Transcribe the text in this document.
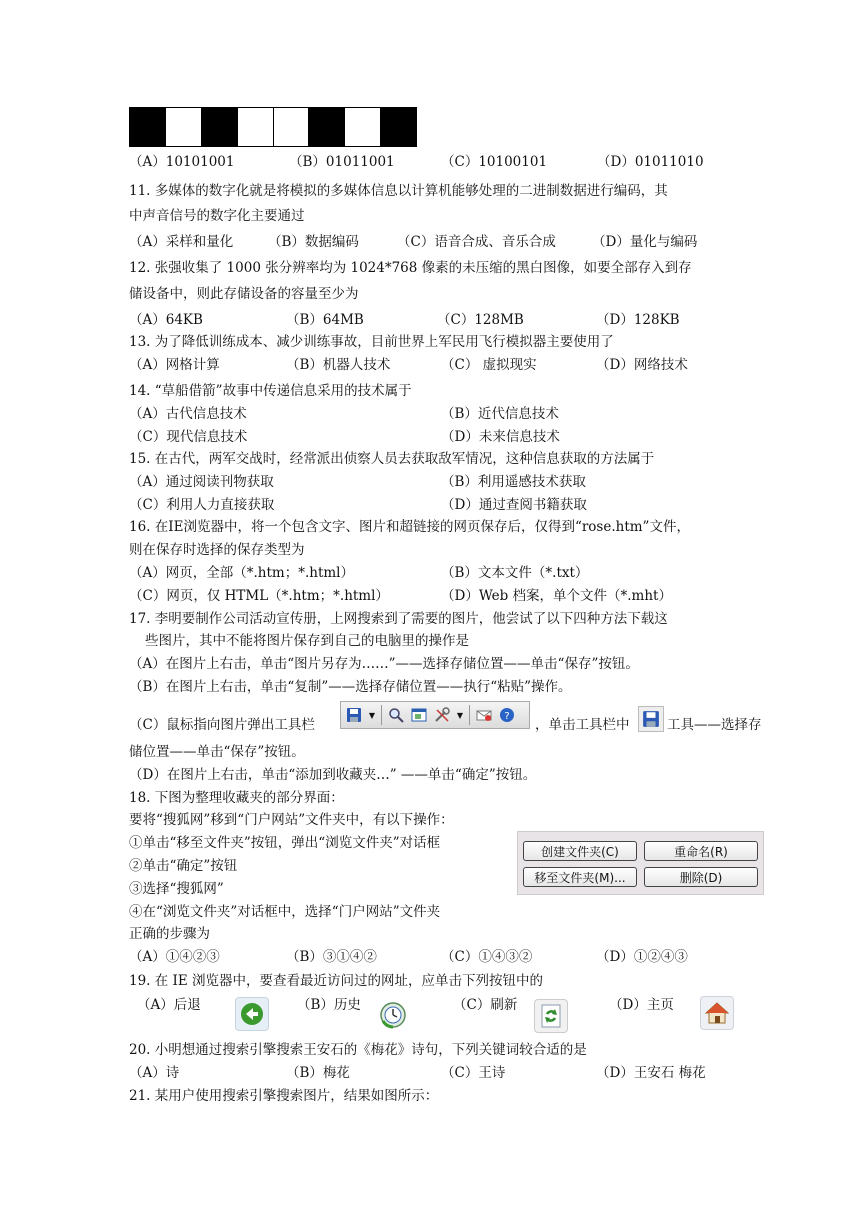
（A）10101001	（B）01011001	（C）10100101	（D）01011010
11. 多媒体的数字化就是将模拟的多媒体信息以计算机能够处理的二进制数据进行编码，其
中声音信号的数字化主要通过
（A）采样和量化	（B）数据编码	（C）语音合成、音乐合成	（D）量化与编码
12. 张强收集了 1000 张分辨率均为 1024*768 像素的未压缩的黑白图像，如要全部存入到存
储设备中，则此存储设备的容量至少为
（A）64KB	（B）64MB	（C）128MB	（D）128KB
13. 为了降低训练成本、减少训练事故，目前世界上军民用飞行模拟器主要使用了
（A）网格计算	（B）机器人技术	（C） 虚拟现实	（D）网络技术
14. “草船借箭”故事中传递信息采用的技术属于
（A）古代信息技术	（B）近代信息技术
（C）现代信息技术	（D）未来信息技术
15. 在古代，两军交战时，经常派出侦察人员去获取敌军情况，这种信息获取的方法属于
（A）通过阅读刊物获取	（B）利用遥感技术获取
（C）利用人力直接获取	（D）通过查阅书籍获取
16. 在IE浏览器中，将一个包含文字、图片和超链接的网页保存后，仅得到“rose.htm”文件，
则在保存时选择的保存类型为
（A）网页，全部（*.htm；*.html）	（B）文本文件（*.txt）
（C）网页，仅 HTML（*.htm；*.html）	（D）Web 档案，单个文件（*.mht）
17. 李明要制作公司活动宣传册，上网搜索到了需要的图片，他尝试了以下四种方法下载这
些图片，其中不能将图片保存到自己的电脑里的操作是
（A）在图片上右击，单击“图片另存为……”——选择存储位置——单击“保存”按钮。
（B）在图片上右击，单击“复制”——选择存储位置——执行“粘贴”操作。
（C）鼠标指向图片弹出工具栏
▼	▼	?
，单击工具栏中	工具——选择存
储位置——单击“保存”按钮。
（D）在图片上右击，单击“添加到收藏夹…” ——单击“确定”按钮。
18. 下图为整理收藏夹的部分界面：
要将“搜狐网”移到“门户网站”文件夹中，有以下操作：
①单击“移至文件夹”按钮，弹出“浏览文件夹”对话框
②单击“确定”按钮
③选择“搜狐网”
④在“浏览文件夹”对话框中，选择“门户网站”文件夹
正确的步骤为
创建文件夹(C)	重命名(R)
移至文件夹(M)...	删除(D)
（A）①④②③	（B）③①④②	（C）①④③②	（D）①②④③
19. 在 IE 浏览器中，要查看最近访问过的网址，应单击下列按钮中的
（A）后退	（B）历史	（C）刷新	（D）主页
20. 小明想通过搜索引擎搜索王安石的《梅花》诗句，下列关键词较合适的是
（A）诗	（B）梅花	（C）王诗	（D）王安石 梅花
21. 某用户使用搜索引擎搜索图片，结果如图所示：
